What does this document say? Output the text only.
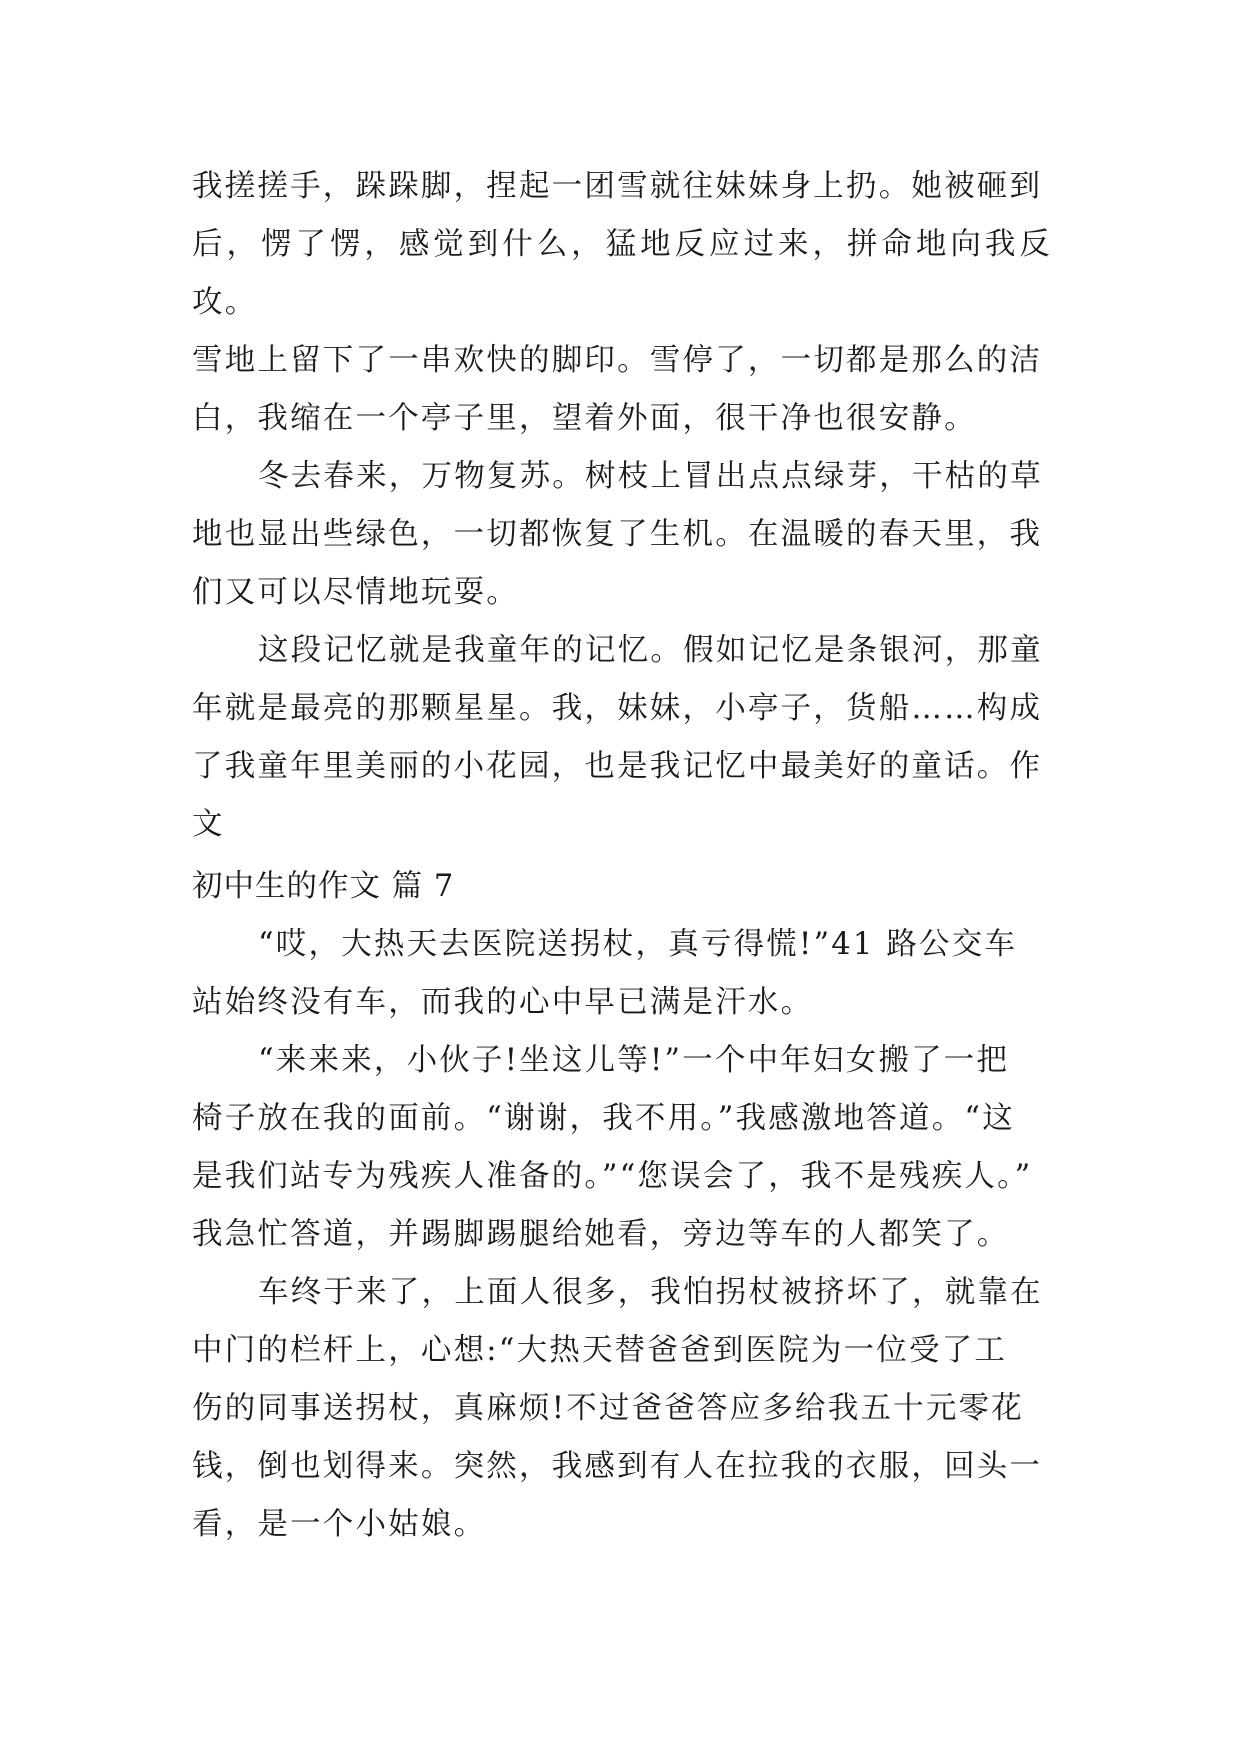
我搓搓手，跺跺脚，捏起一团雪就往妹妹身上扔。她被砸到
后，愣了愣，感觉到什么，猛地反应过来，拼命地向我反攻。
雪地上留下了一串欢快的脚印。雪停了，一切都是那么的洁
白，我缩在一个亭子里，望着外面，很干净也很安静。
冬去春来，万物复苏。树枝上冒出点点绿芽，干枯的草
地也显出些绿色，一切都恢复了生机。在温暖的春天里，我
们又可以尽情地玩耍。
这段记忆就是我童年的记忆。假如记忆是条银河，那童
年就是最亮的那颗星星。我，妹妹，小亭子，货船……构成
了我童年里美丽的小花园，也是我记忆中最美好的童话。作
文
初中生的作文 篇 7
“哎，大热天去医院送拐杖，真亏得慌!”41 路公交车
站始终没有车，而我的心中早已满是汗水。
“来来来，小伙子!坐这儿等!”一个中年妇女搬了一把
椅子放在我的面前。“谢谢，我不用。”我感激地答道。“这
是我们站专为残疾人准备的。”“您误会了，我不是残疾人。”
我急忙答道，并踢脚踢腿给她看，旁边等车的人都笑了。
车终于来了，上面人很多，我怕拐杖被挤坏了，就靠在
中门的栏杆上，心想:“大热天替爸爸到医院为一位受了工
伤的同事送拐杖，真麻烦!不过爸爸答应多给我五十元零花
钱，倒也划得来。突然，我感到有人在拉我的衣服，回头一
看，是一个小姑娘。
